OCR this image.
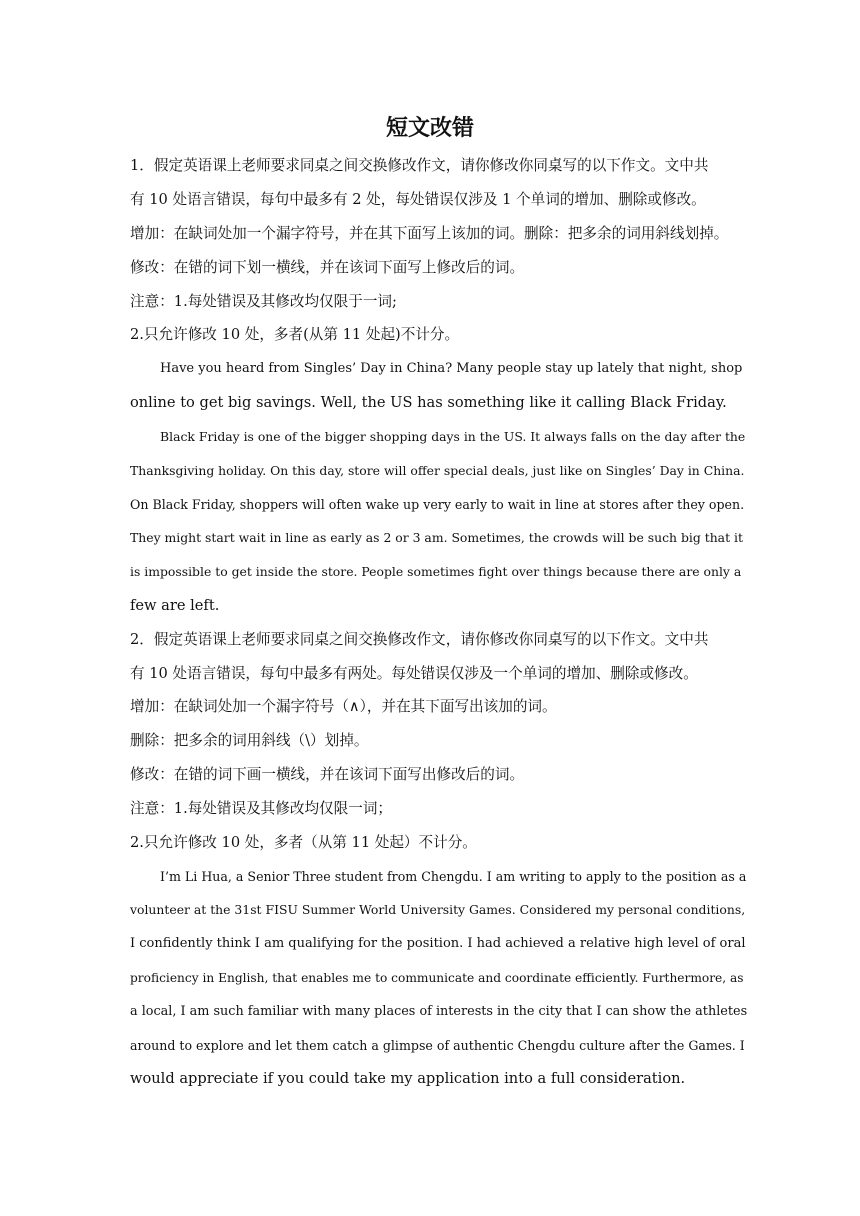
短文改错

1．假定英语课上老师要求同桌之间交换修改作文，请你修改你同桌写的以下作文。文中共

有 10 处语言错误，每句中最多有 2 处，每处错误仅涉及 1 个单词的增加、删除或修改。

增加：在缺词处加一个漏字符号，并在其下面写上该加的词。删除：把多余的词用斜线划掉。

修改：在错的词下划一横线，并在该词下面写上修改后的词。

注意：1.每处错误及其修改均仅限于一词;

2.只允许修改 10 处，多者(从第 11 处起)不计分。

Have you heard from Singles’ Day in China? Many people stay up lately that night, shop

online to get big savings. Well, the US has something like it calling Black Friday.

Black Friday is one of the bigger shopping days in the US. It always falls on the day after the

Thanksgiving holiday. On this day, store will offer special deals, just like on Singles’ Day in China.

On Black Friday, shoppers will often wake up very early to wait in line at stores after they open.

They might start wait in line as early as 2 or 3 am. Sometimes, the crowds will be such big that it

is impossible to get inside the store. People sometimes fight over things because there are only a

few are left.

2．假定英语课上老师要求同桌之间交换修改作文，请你修改你同桌写的以下作文。文中共

有 10 处语言错误，每句中最多有两处。每处错误仅涉及一个单词的增加、删除或修改。

增加：在缺词处加一个漏字符号（∧），并在其下面写出该加的词。

删除：把多余的词用斜线（\）划掉。

修改：在错的词下画一横线，并在该词下面写出修改后的词。

注意：1.每处错误及其修改均仅限一词；

2.只允许修改 10 处，多者（从第 11 处起）不计分。

I’m Li Hua, a Senior Three student from Chengdu. I am writing to apply to the position as a

volunteer at the 31st FISU Summer World University Games. Considered my personal conditions,

I confidently think I am qualifying for the position. I had achieved a relative high level of oral

proficiency in English, that enables me to communicate and coordinate efficiently. Furthermore, as

a local, I am such familiar with many places of interests in the city that I can show the athletes

around to explore and let them catch a glimpse of authentic Chengdu culture after the Games. I

would appreciate if you could take my application into a full consideration.
